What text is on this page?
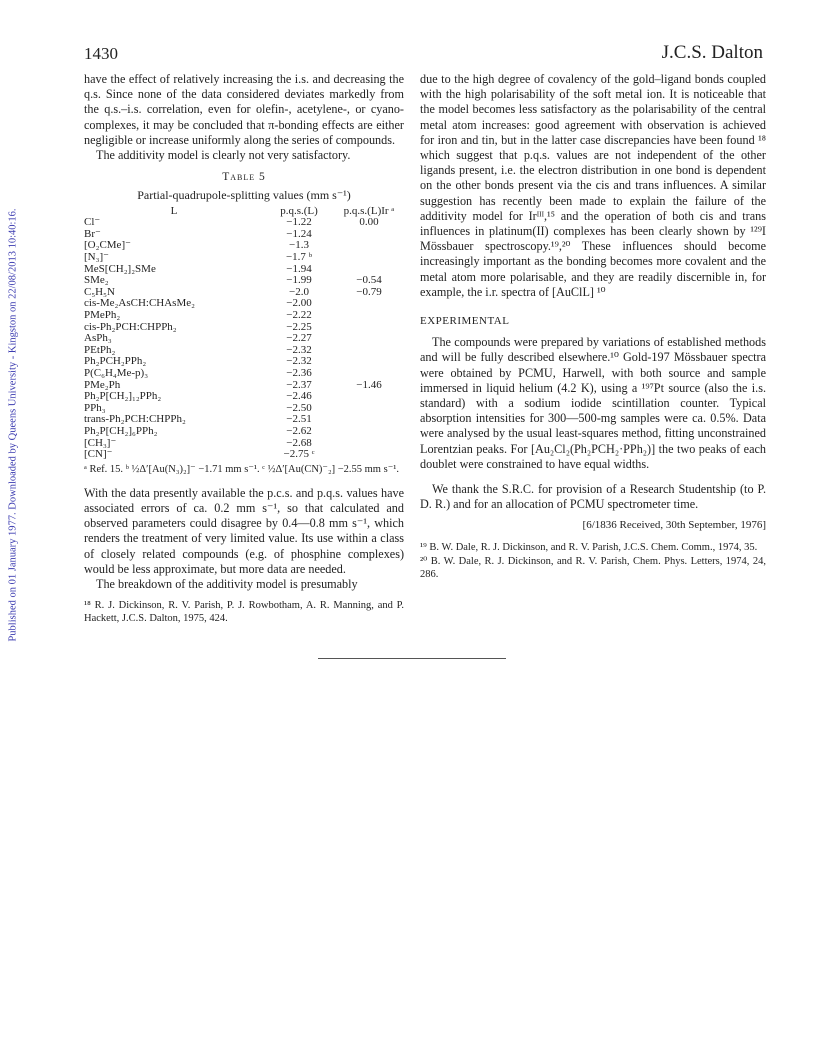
Published on 01 January 1977. Downloaded by Queens University - Kingston on 22/08/2013 10:40:16.
1430	J.C.S. Dalton

have the effect of relatively increasing the i.s. and decreasing the q.s. Since none of the data considered deviates markedly from the q.s.–i.s. correlation, even for olefin-, acetylene-, or cyano-complexes, it may be concluded that π-bonding effects are either negligible or increase uniformly along the series of compounds.

The additivity model is clearly not very satisfactory.

Table 5
Partial-quadrupole-splitting values (mm s⁻¹)
L	p.q.s.(L)	p.q.s.(L)Ir ᵃ
Cl⁻	−1.22	0.00
Br⁻	−1.24	
[O₂CMe]⁻	−1.3	
[N₃]⁻	−1.7 ᵇ	
MeS[CH₂]₂SMe	−1.94	
SMe₂	−1.99	−0.54
C₅H₅N	−2.0	−0.79
cis-Me₂AsCH:CHAsMe₂	−2.00	
PMePh₂	−2.22	
cis-Ph₂PCH:CHPPh₂	−2.25	
AsPh₃	−2.27	
PEtPh₂	−2.32	
Ph₂PCH₂PPh₂	−2.32	
P(C₆H₄Me-p)₃	−2.36	
PMe₂Ph	−2.37	−1.46
Ph₂P[CH₂]₁₂PPh₂	−2.46	
PPh₃	−2.50	
trans-Ph₂PCH:CHPPh₂	−2.51	
Ph₂P[CH₂]₆PPh₂	−2.62	
[CH₃]⁻	−2.68	
[CN]⁻	−2.75 ᶜ	
ᵃ Ref. 15. ᵇ ½Δ′[Au(N₃)₂]⁻ −1.71 mm s⁻¹. ᶜ ½Δ′[Au(CN)⁻₂] −2.55 mm s⁻¹.

With the data presently available the p.c.s. and p.q.s. values have associated errors of ca. 0.2 mm s⁻¹, so that calculated and observed parameters could disagree by 0.4—0.8 mm s⁻¹, which renders the treatment of very limited value. Its use within a class of closely related compounds (e.g. of phosphine complexes) would be less approximate, but more data are needed.

The breakdown of the additivity model is presumably

¹⁸ R. J. Dickinson, R. V. Parish, P. J. Rowbotham, A. R. Manning, and P. Hackett, J.C.S. Dalton, 1975, 424.

due to the high degree of covalency of the gold–ligand bonds coupled with the high polarisability of the soft metal ion. It is noticeable that the model becomes less satisfactory as the polarisability of the central metal atom increases: good agreement with observation is achieved for iron and tin, but in the latter case discrepancies have been found ¹⁸ which suggest that p.q.s. values are not independent of the other ligands present, i.e. the electron distribution in one bond is dependent on the other bonds present via the cis and trans influences. A similar suggestion has recently been made to explain the failure of the additivity model for Irᴵᴵᴵ,¹⁵ and the operation of both cis and trans influences in platinum(II) complexes has been clearly shown by ¹²⁹I Mössbauer spectroscopy.¹⁹,²⁰ These influences should become increasingly important as the bonding becomes more covalent and the metal atom more polarisable, and they are readily discernible in, for example, the i.r. spectra of [AuClL] ¹⁰

EXPERIMENTAL

The compounds were prepared by variations of established methods and will be fully described elsewhere.¹⁰ Gold-197 Mössbauer spectra were obtained by PCMU, Harwell, with both source and sample immersed in liquid helium (4.2 K), using a ¹⁹⁷Pt source (also the i.s. standard) with a sodium iodide scintillation counter. Typical absorption intensities for 300—500-mg samples were ca. 0.5%. Data were analysed by the usual least-squares method, fitting unconstrained Lorentzian peaks. For [Au₂Cl₂(Ph₂PCH₂·PPh₂)] the two peaks of each doublet were constrained to have equal widths.

We thank the S.R.C. for provision of a Research Studentship (to P. D. R.) and for an allocation of PCMU spectrometer time.

[6/1836 Received, 30th September, 1976]
¹⁹ B. W. Dale, R. J. Dickinson, and R. V. Parish, J.C.S. Chem. Comm., 1974, 35.
²⁰ B. W. Dale, R. J. Dickinson, and R. V. Parish, Chem. Phys. Letters, 1974, 24, 286.
